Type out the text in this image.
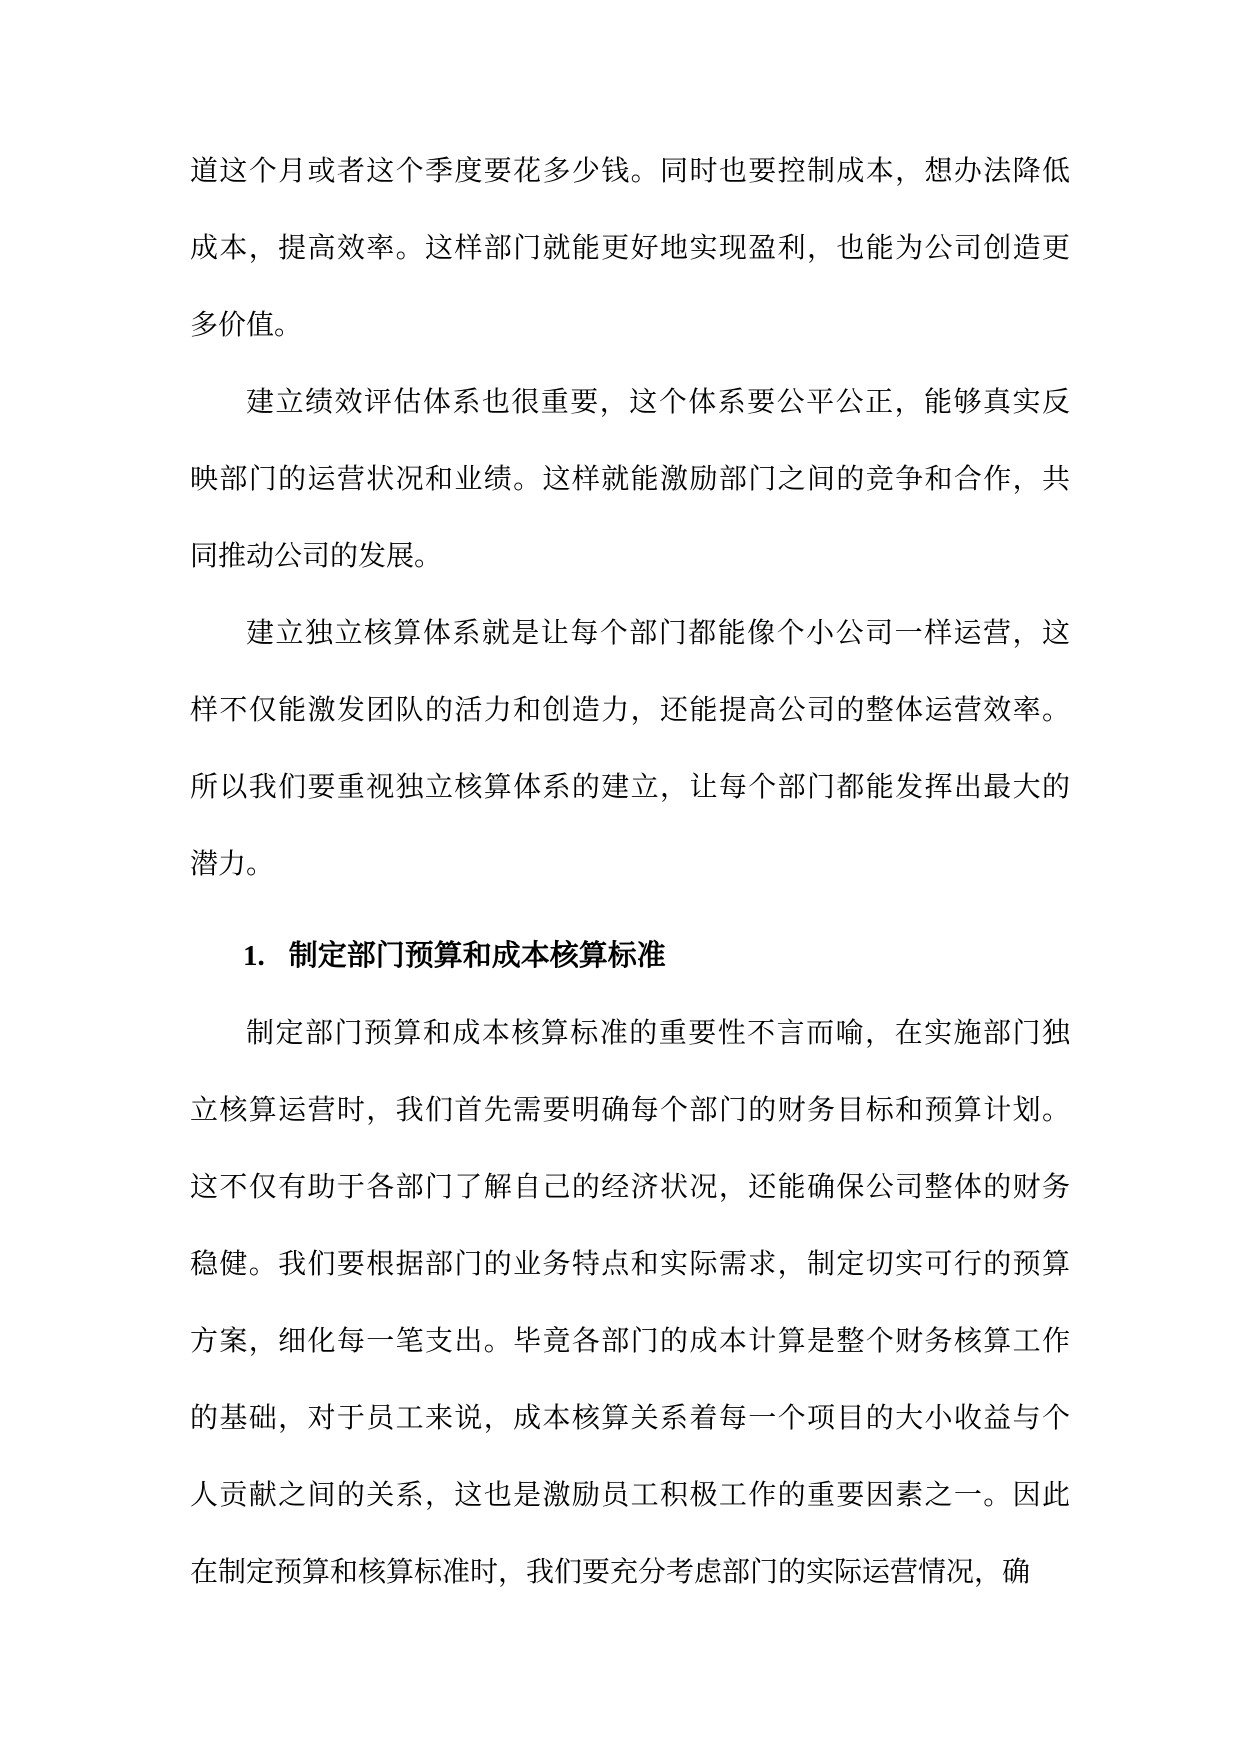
道这个月或者这个季度要花多少钱。同时也要控制成本，想办法降低
成本，提高效率。这样部门就能更好地实现盈利，也能为公司创造更
多价值。
建立绩效评估体系也很重要，这个体系要公平公正，能够真实反
映部门的运营状况和业绩。这样就能激励部门之间的竞争和合作，共
同推动公司的发展。
建立独立核算体系就是让每个部门都能像个小公司一样运营，这
样不仅能激发团队的活力和创造力，还能提高公司的整体运营效率。
所以我们要重视独立核算体系的建立，让每个部门都能发挥出最大的
潜力。
1. 制定部门预算和成本核算标准
制定部门预算和成本核算标准的重要性不言而喻，在实施部门独
立核算运营时，我们首先需要明确每个部门的财务目标和预算计划。
这不仅有助于各部门了解自己的经济状况，还能确保公司整体的财务
稳健。我们要根据部门的业务特点和实际需求，制定切实可行的预算
方案，细化每一笔支出。毕竟各部门的成本计算是整个财务核算工作
的基础，对于员工来说，成本核算关系着每一个项目的大小收益与个
人贡献之间的关系，这也是激励员工积极工作的重要因素之一。因此
在制定预算和核算标准时，我们要充分考虑部门的实际运营情况，确
